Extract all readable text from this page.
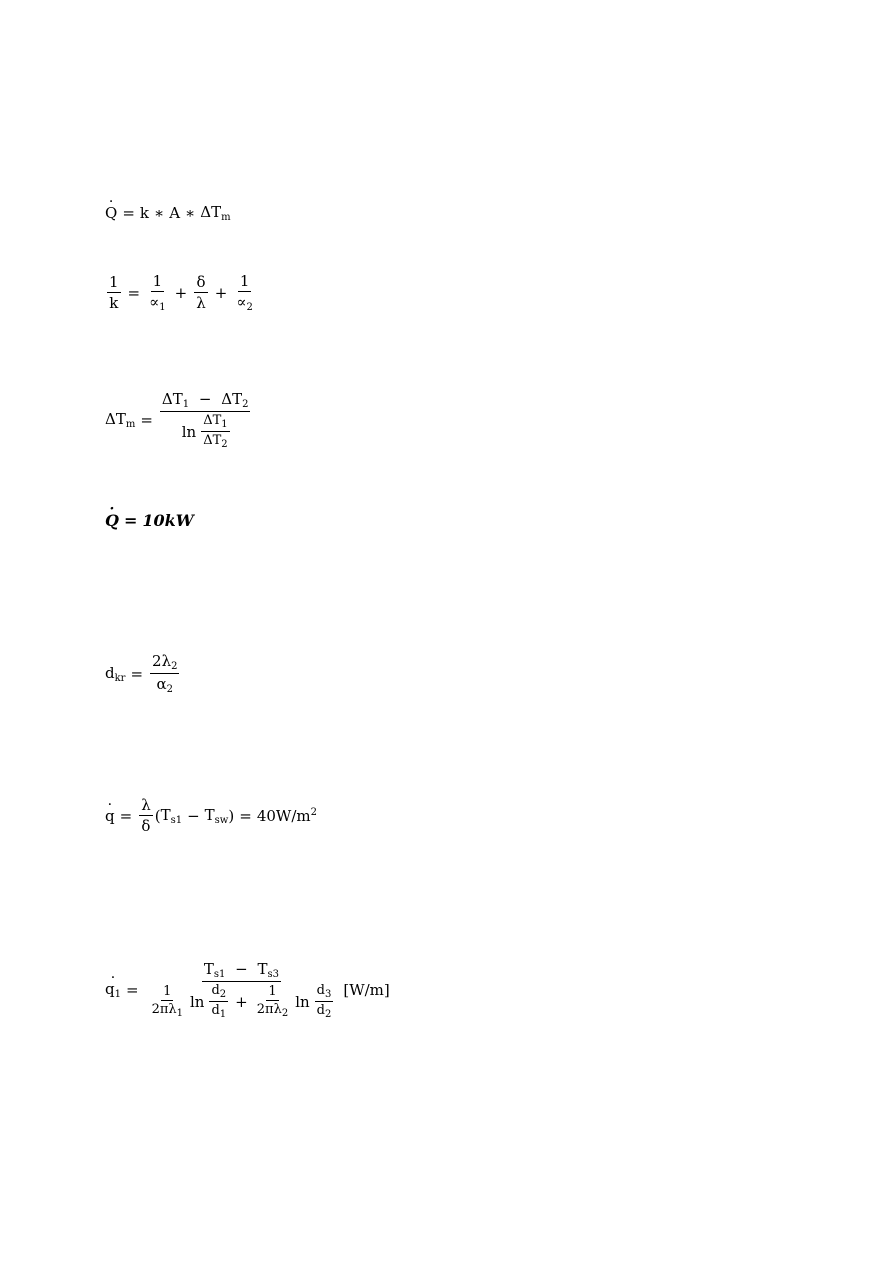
· Q = k ∗ A ∗ $\Delta T_m$
$\frac{1}{k} = \frac{1}{\propto_1} + \frac{\delta}{\lambda} + \frac{1}{\propto_2}$
$\Delta T_m = \frac{\Delta T_1 - \Delta T_2}{\ln \frac{\Delta T_1}{\Delta T_2}}$
· Q = 10 kW
$d_{kr} = \frac{2\lambda_2}{\alpha_2}$
· $q = \frac{\lambda}{\delta}$ ( $T_{s1} - T_{sw}$ ) = $40W/m^2$
· $q_1$ =
$T_{s1} - T_{s3}$
$\frac{1}{2\pi\lambda_1}$ $\ln \frac{d_2}{d_1} + \frac{1}{2\pi\lambda_2}$ $\ln \frac{d_3}{d_2} [W/m]$
